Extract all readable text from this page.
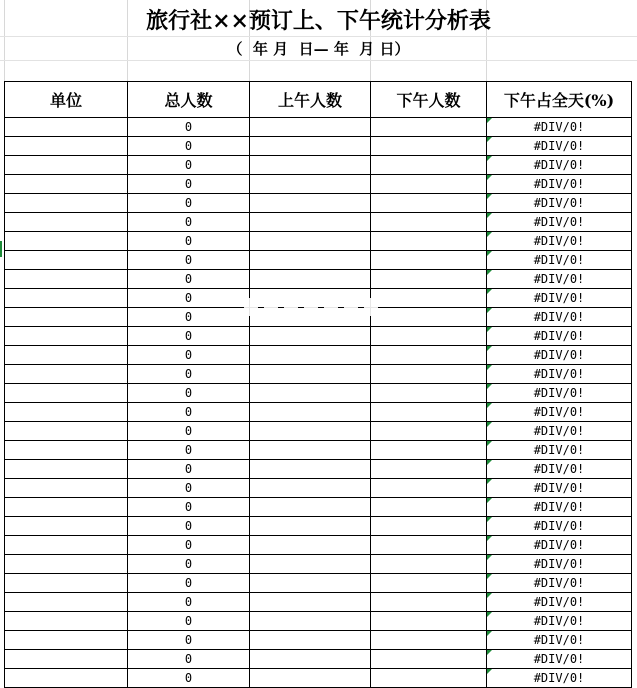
旅行社××预订上、下午统计分析表
（  年 月  日— 年  月 日）
单位	总人数	上午人数	下午人数	下午占全天(%)
	0			#DIV/0!
	0			#DIV/0!
	0			#DIV/0!
	0			#DIV/0!
	0			#DIV/0!
	0			#DIV/0!
	0			#DIV/0!
	0			#DIV/0!
	0			#DIV/0!
	0			#DIV/0!
	0			#DIV/0!
	0			#DIV/0!
	0			#DIV/0!
	0			#DIV/0!
	0			#DIV/0!
	0			#DIV/0!
	0			#DIV/0!
	0			#DIV/0!
	0			#DIV/0!
	0			#DIV/0!
	0			#DIV/0!
	0			#DIV/0!
	0			#DIV/0!
	0			#DIV/0!
	0			#DIV/0!
	0			#DIV/0!
	0			#DIV/0!
	0			#DIV/0!
	0			#DIV/0!
	0			#DIV/0!
